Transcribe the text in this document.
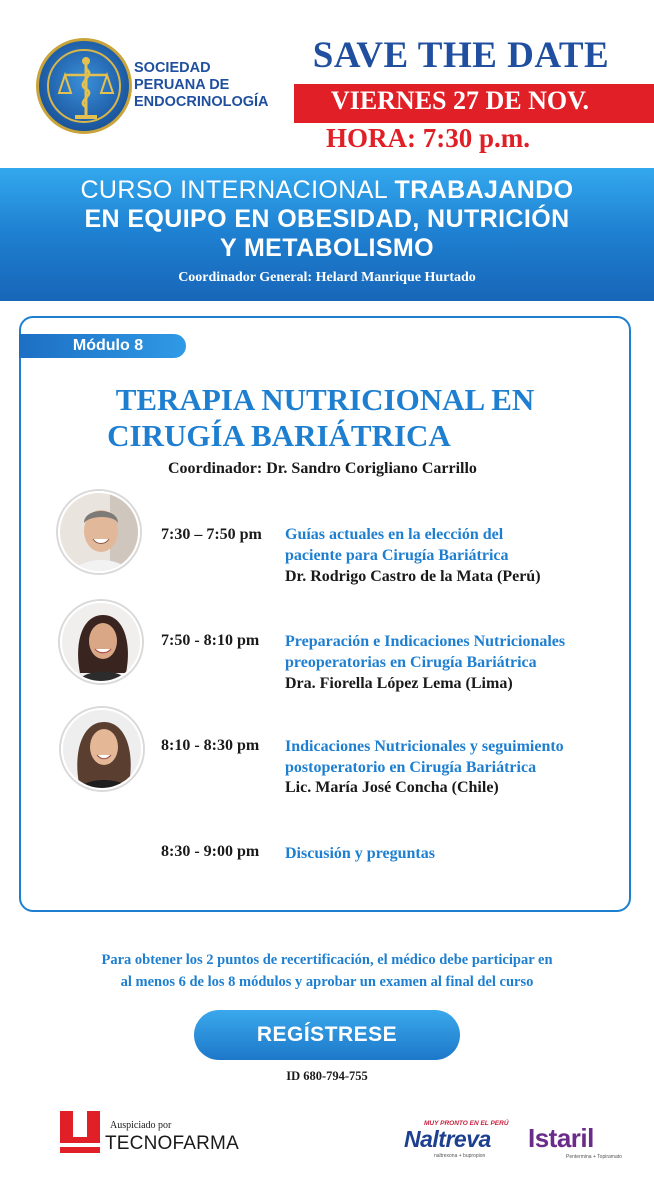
SOCIEDAD
PERUANA DE
ENDOCRINOLOGÍA
SAVE THE DATE
VIERNES 27 DE NOV.
HORA: 7:30 p.m.
CURSO INTERNACIONAL TRABAJANDO
EN EQUIPO EN OBESIDAD, NUTRICIÓN
Y METABOLISMO
Coordinador General: Helard Manrique Hurtado
Módulo 8
TERAPIA NUTRICIONAL EN
CIRUGÍA BARIÁTRICA
Coordinador: Dr. Sandro Corigliano Carrillo
7:30 – 7:50 pm Guías actuales en la elección del
paciente para Cirugía Bariátrica
Dr. Rodrigo Castro de la Mata (Perú)
7:50 - 8:10 pm Preparación e Indicaciones Nutricionales
preoperatorias en Cirugía Bariátrica
Dra. Fiorella López Lema (Lima)
8:10 - 8:30 pm Indicaciones Nutricionales y seguimiento
postoperatorio en Cirugía Bariátrica
Lic. María José Concha (Chile)
8:30 - 9:00 pm Discusión y preguntas
Para obtener los 2 puntos de recertificación, el médico debe participar en
al menos 6 de los 8 módulos y aprobar un examen al final del curso
REGÍSTRESE
ID 680-794-755
Auspiciado por
TECNOFARMA
MUY PRONTO EN EL PERÚ
Naltreva
naltrexona + bupropion
Istaril
Pentermina + Topiramato
